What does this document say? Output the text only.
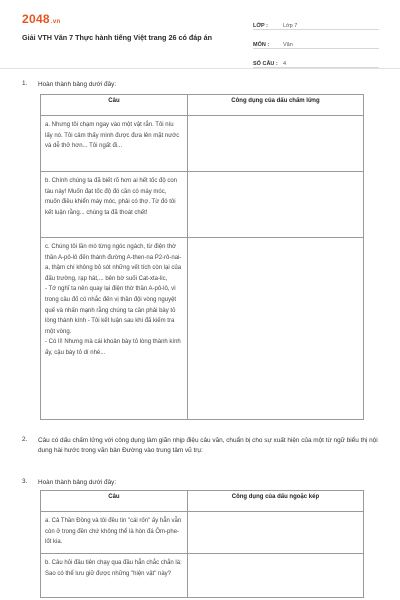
2048.vn
Giải VTH Văn 7 Thực hành tiếng Việt trang 26 có đáp án
LỚP :	Lớp 7
MÔN :	Văn
SỐ CÂU : 4
1. Hoàn thành bảng dưới đây:
Câu	Công dụng của dấu chấm lửng
a. Nhưng tôi chạm ngay vào một vật rắn. Tôi níu lấy nó. Tôi cảm thấy mình được đưa lên mặt nước và dễ thở hơn... Tôi ngất đi...	
b. Chính chúng ta đã biết rõ hơn ai hết tốc độ con tàu này! Muốn đạt tốc độ đó cần có máy móc, muốn điều khiển máy móc, phải có thợ. Từ đó tôi kết luận rằng... chúng ta đã thoát chết!	
c. Chúng tôi lần mò từng ngóc ngách, từ điện thờ thần A-pô-lô đến thánh đường A-then-na P2-rô-nai-a, thậm chí không bỏ sót những vết tích còn lại của đấu trường, rạp hát,... bên bờ suối Cat-xta-lic,
- Tớ nghĩ ta nên quay lại điện thờ thần A-pô-lô, vì trong câu đố có nhắc đến vị thần đội vòng nguyệt quế và nhấn mạnh rằng chúng ta cần phải bày tỏ lòng thành kính - Tôi kết luận sau khi đã kiếm tra một vòng.
- Có lí! Nhưng mà cái khoản bày tỏ lòng thành kính ấy, cậu bày tỏ dí nhé...	
2. Câu có dấu chấm lửng với công dụng làm giãn nhịp điệu câu văn, chuẩn bị cho sự xuất hiện của một từ ngữ biểu thị nội dung hài hước trong văn bản Đường vào trung tâm vũ trụ:
3. Hoàn thành bảng dưới đây:
Câu	Công dụng của dấu ngoặc kép
a. Cả Thần Đồng và tôi đều tin "cái rốn" ấy hẳn vẫn còn ở trong đền chứ không thể là hòn đá Ôm-phe-lốt kia.	
b. Câu hỏi đầu tiên chạy qua đầu hẳn chắc chắn là: Sao có thể lưu giữ được những "hiện vật" này?	
